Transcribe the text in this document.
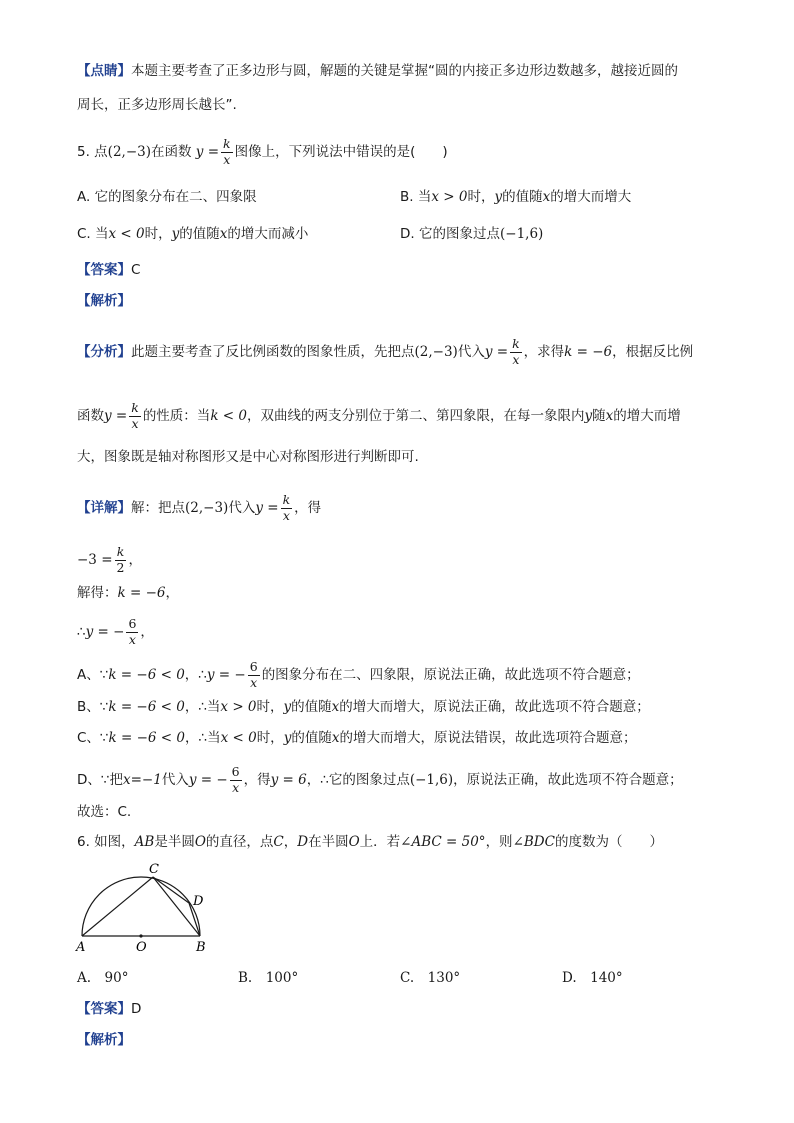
【点睛】本题主要考查了正多边形与圆，解题的关键是掌握“圆的内接正多边形边数越多，越接近圆的
周长，正多边形周长越长”.
5. 点(2,−3)在函数 $y = \frac{k}{x}$ 图像上，下列说法中错误的是(　　)
A. 它的图象分布在二、四象限	B. 当x > 0时，y的值随x的增大而增大
C. 当x < 0时，y的值随x的增大而减小	D. 它的图象过点(−1,6)
【答案】C
【解析】
【分析】此题主要考查了反比例函数的图象性质，先把点(2,−3)代入$y = \frac{k}{x}$ ，求得k = −6，根据反比例
函数$y = \frac{k}{x}$ 的性质：当k < 0，双曲线的两支分别位于第二、第四象限，在每一象限内y随x的增大而增
大，图象既是轴对称图形又是中心对称图形进行判断即可.
【详解】解：把点(2,−3)代入$y = \frac{k}{x}$ ，得
$-3 = \frac{k}{2}$ ，
解得：k = −6，
∴y = − $\frac{6}{x}$ ，
A、∵k = −6 < 0，∴y = − $\frac{6}{x}$ 的图象分布在二、四象限，原说法正确，故此选项不符合题意；
B、∵k = −6 < 0，∴当x > 0时，y的值随x的增大而增大，原说法正确，故此选项不符合题意；
C、∵k = −6 < 0，∴当x < 0时，y的值随x的增大而增大，原说法错误，故此选项符合题意；
D、∵把x=−1代入y = − $\frac{6}{x}$ ，得y = 6，∴它的图象过点(−1,6)，原说法正确，故此选项不符合题意；
故选：C.
6. 如图，AB是半圆O的直径，点C，D在半圆O上．若∠ABC = 50°，则∠BDC的度数为（　　）
A	O	B
C
D
A.　90°	B.　100°	C.　130°	D.　140°
【答案】D
【解析】
